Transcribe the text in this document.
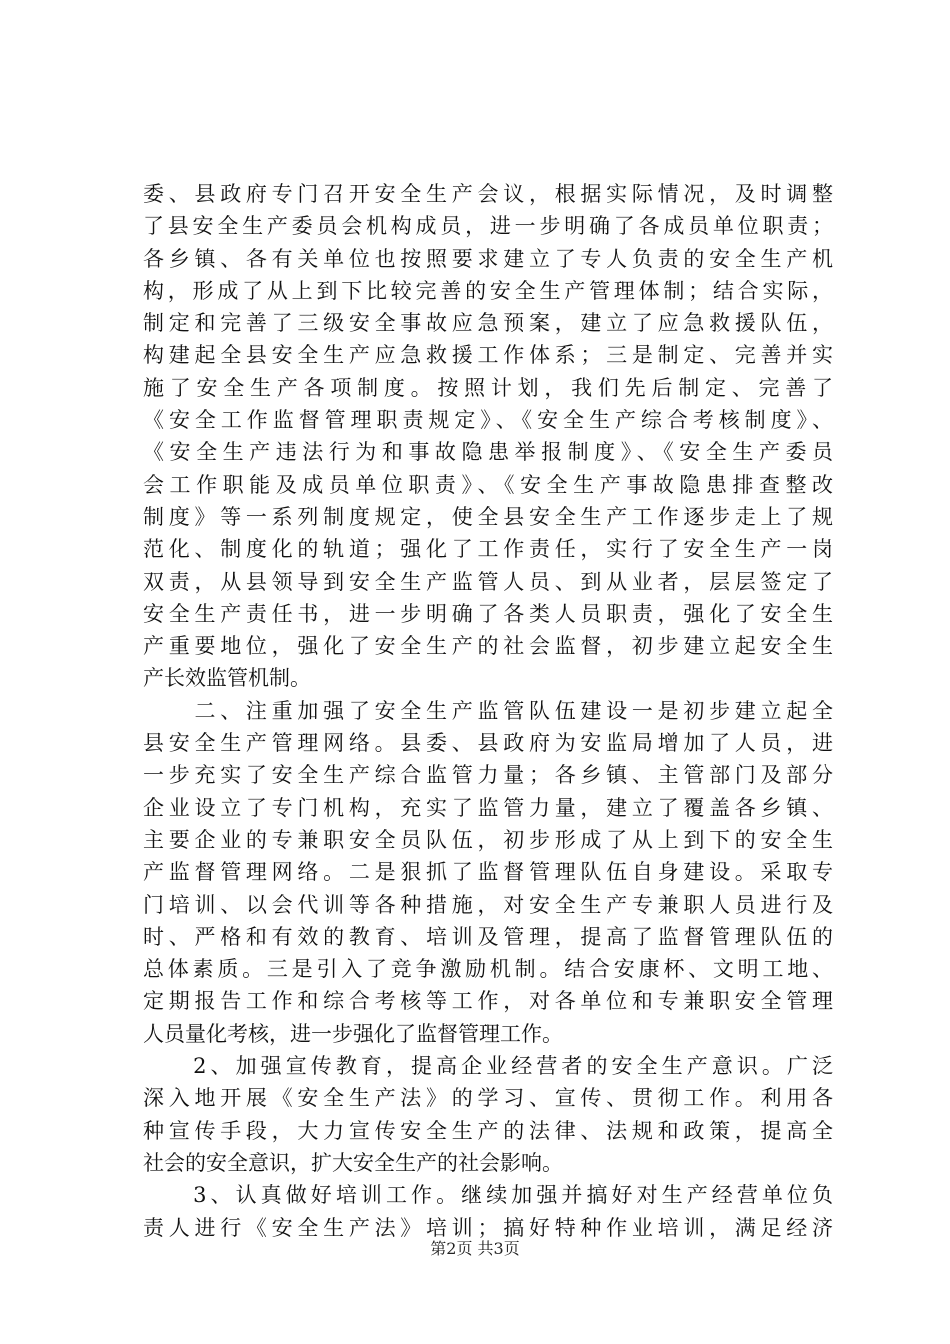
委、县政府专门召开安全生产会议，根据实际情况，及时调整
了县安全生产委员会机构成员，进一步明确了各成员单位职责；
各乡镇、各有关单位也按照要求建立了专人负责的安全生产机
构，形成了从上到下比较完善的安全生产管理体制；结合实际，
制定和完善了三级安全事故应急预案，建立了应急救援队伍，
构建起全县安全生产应急救援工作体系；三是制定、完善并实
施了安全生产各项制度。按照计划，我们先后制定、完善了
《安全工作监督管理职责规定》、《安全生产综合考核制度》、
《安全生产违法行为和事故隐患举报制度》、《安全生产委员
会工作职能及成员单位职责》、《安全生产事故隐患排查整改
制度》等一系列制度规定，使全县安全生产工作逐步走上了规
范化、制度化的轨道；强化了工作责任，实行了安全生产一岗
双责，从县领导到安全生产监管人员、到从业者，层层签定了
安全生产责任书，进一步明确了各类人员职责，强化了安全生
产重要地位，强化了安全生产的社会监督，初步建立起安全生
产长效监管机制。
　　二、注重加强了安全生产监管队伍建设一是初步建立起全
县安全生产管理网络。县委、县政府为安监局增加了人员，进
一步充实了安全生产综合监管力量；各乡镇、主管部门及部分
企业设立了专门机构，充实了监管力量，建立了覆盖各乡镇、
主要企业的专兼职安全员队伍，初步形成了从上到下的安全生
产监督管理网络。二是狠抓了监督管理队伍自身建设。采取专
门培训、以会代训等各种措施，对安全生产专兼职人员进行及
时、严格和有效的教育、培训及管理，提高了监督管理队伍的
总体素质。三是引入了竞争激励机制。结合安康杯、文明工地、
定期报告工作和综合考核等工作，对各单位和专兼职安全管理
人员量化考核，进一步强化了监督管理工作。
　　2、加强宣传教育，提高企业经营者的安全生产意识。广泛
深入地开展《安全生产法》的学习、宣传、贯彻工作。利用各
种宣传手段，大力宣传安全生产的法律、法规和政策，提高全
社会的安全意识，扩大安全生产的社会影响。
　　3、认真做好培训工作。继续加强并搞好对生产经营单位负
责人进行《安全生产法》培训；搞好特种作业培训，满足经济
第2页 共3页
